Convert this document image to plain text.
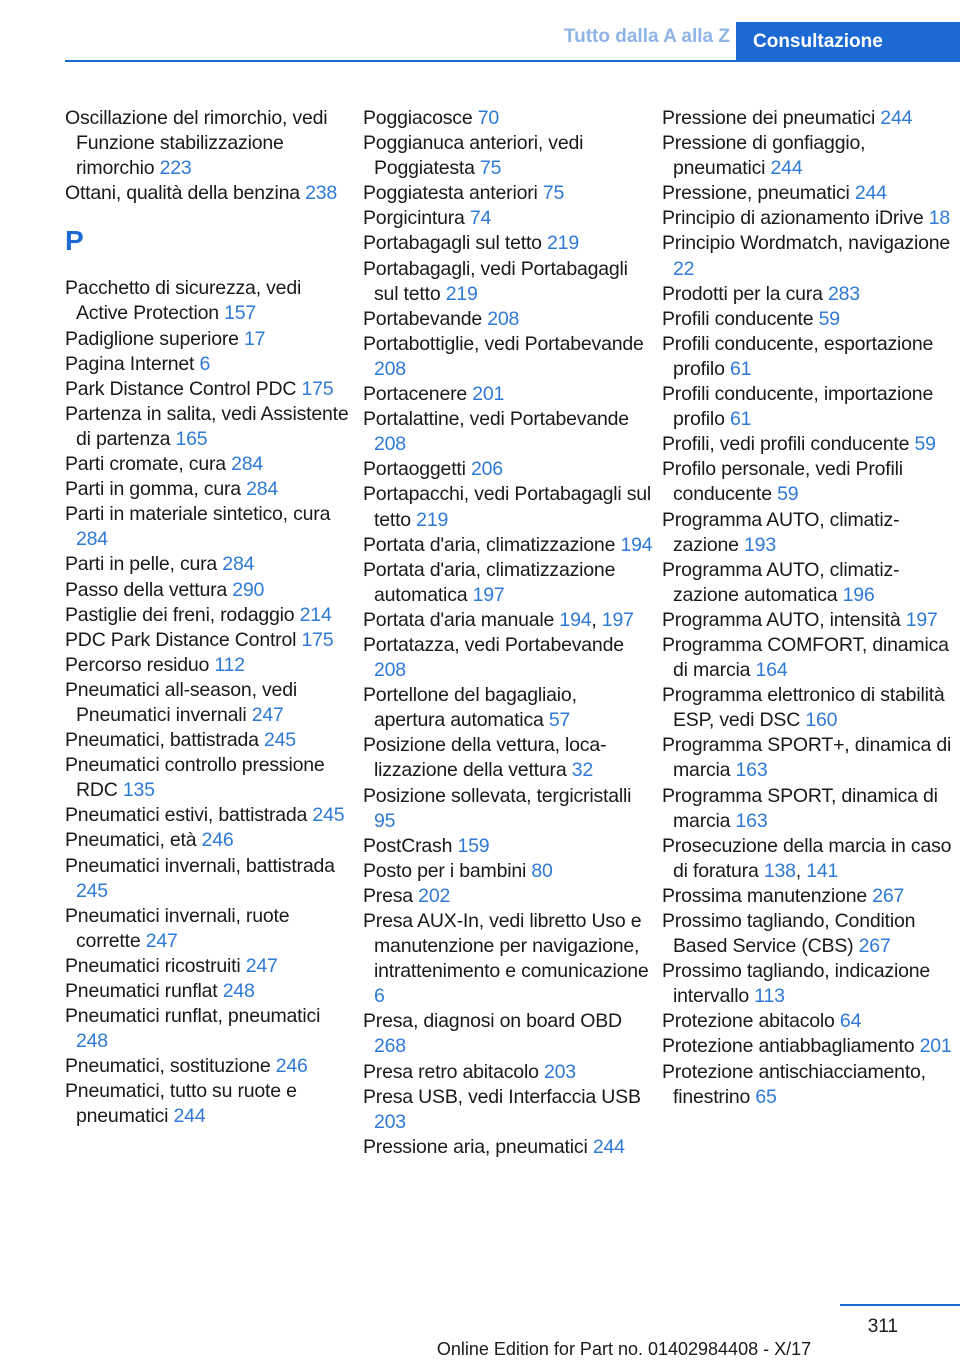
Tutto dalla A alla Z Consultazione
Oscillazione del rimorchio, vedi Funzione stabilizzazione rimorchio 223
Ottani, qualità della benzina 238
P
Pacchetto di sicurezza, vedi Active Protection 157
Padiglione superiore 17
Pagina Internet 6
Park Distance Control PDC 175
Partenza in salita, vedi Assistente di partenza 165
Parti cromate, cura 284
Parti in gomma, cura 284
Parti in materiale sintetico, cura 284
Parti in pelle, cura 284
Passo della vettura 290
Pastiglie dei freni, rodaggio 214
PDC Park Distance Control 175
Percorso residuo 112
Pneumatici all-season, vedi Pneumatici invernali 247
Pneumatici, battistrada 245
Pneumatici controllo pressione RDC 135
Pneumatici estivi, battistrada 245
Pneumatici, età 246
Pneumatici invernali, battistrada 245
Pneumatici invernali, ruote corrette 247
Pneumatici ricostruiti 247
Pneumatici runflat 248
Pneumatici runflat, pneumatici 248
Pneumatici, sostituzione 246
Pneumatici, tutto su ruote e pneumatici 244
Poggiacosce 70
Poggianuca anteriori, vedi Poggiatesta 75
Poggiatesta anteriori 75
Porgicintura 74
Portabagagli sul tetto 219
Portabagagli, vedi Portabagagli sul tetto 219
Portabevande 208
Portabottiglie, vedi Portabevande 208
Portacenere 201
Portalattine, vedi Portabevande 208
Portaoggetti 206
Portapacchi, vedi Portabagagli sul tetto 219
Portata d'aria, climatizzazione 194
Portata d'aria, climatizzazione automatica 197
Portata d'aria manuale 194, 197
Portatazza, vedi Portabevande 208
Portellone del bagagliaio, apertura automatica 57
Posizione della vettura, localizzazione della vettura 32
Posizione sollevata, tergicristalli 95
PostCrash 159
Posto per i bambini 80
Presa 202
Presa AUX-In, vedi libretto Uso e manutenzione per navigazione, intrattenimento e comunicazione 6
Presa, diagnosi on board OBD 268
Presa retro abitacolo 203
Presa USB, vedi Interfaccia USB 203
Pressione aria, pneumatici 244
Pressione dei pneumatici 244
Pressione di gonfiaggio, pneumatici 244
Pressione, pneumatici 244
Principio di azionamento iDrive 18
Principio Wordmatch, navigazione 22
Prodotti per la cura 283
Profili conducente 59
Profili conducente, esportazione profilo 61
Profili conducente, importazione profilo 61
Profili, vedi profili conducente 59
Profilo personale, vedi Profili conducente 59
Programma AUTO, climatizzazione 193
Programma AUTO, climatizzazione automatica 196
Programma AUTO, intensità 197
Programma COMFORT, dinamica di marcia 164
Programma elettronico di stabilità ESP, vedi DSC 160
Programma SPORT+, dinamica di marcia 163
Programma SPORT, dinamica di marcia 163
Prosecuzione della marcia in caso di foratura 138, 141
Prossima manutenzione 267
Prossimo tagliando, Condition Based Service (CBS) 267
Prossimo tagliando, indicazione intervallo 113
Protezione abitacolo 64
Protezione antiabbagliamento 201
Protezione antischiacciamento, finestrino 65
311
Online Edition for Part no. 01402984408 - X/17
